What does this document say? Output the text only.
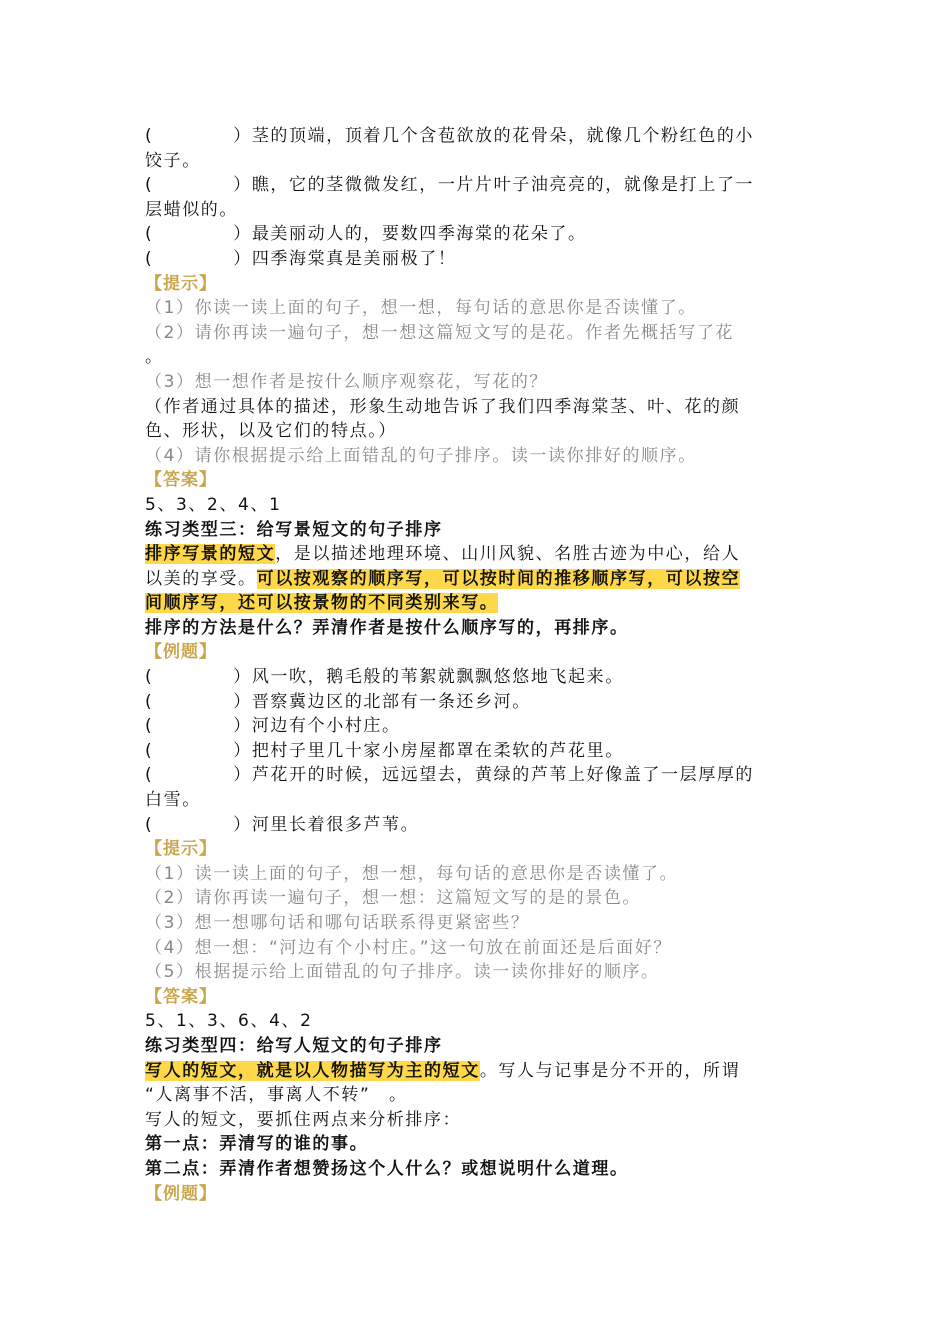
(	）茎的顶端，顶着几个含苞欲放的花骨朵，就像几个粉红色的小
饺子。
(	）瞧，它的茎微微发红，一片片叶子油亮亮的，就像是打上了一
层蜡似的。
(	）最美丽动人的，要数四季海棠的花朵了。
(	）四季海棠真是美丽极了！
【提示】
（1）你读一读上面的句子，想一想，每句话的意思你是否读懂了。
（2）请你再读一遍句子，想一想这篇短文写的是花。作者先概括写了花
。
（3）想一想作者是按什么顺序观察花，写花的？
（作者通过具体的描述，形象生动地告诉了我们四季海棠茎、叶、花的颜
色、形状，以及它们的特点。）
（4）请你根据提示给上面错乱的句子排序。读一读你排好的顺序。
【答案】
5、3、2、4、1
练习类型三：给写景短文的句子排序
排序写景的短文，是以描述地理环境、山川风貌、名胜古迹为中心，给人
以美的享受。可以按观察的顺序写，可以按时间的推移顺序写，可以按空
间顺序写，还可以按景物的不同类别来写。
排序的方法是什么？弄清作者是按什么顺序写的，再排序。
【例题】
(	）风一吹，鹅毛般的苇絮就飘飘悠悠地飞起来。
(	）晋察冀边区的北部有一条还乡河。
(	）河边有个小村庄。
(	）把村子里几十家小房屋都罩在柔软的芦花里。
(	）芦花开的时候，远远望去，黄绿的芦苇上好像盖了一层厚厚的
白雪。
(	）河里长着很多芦苇。
【提示】
（1）读一读上面的句子，想一想，每句话的意思你是否读懂了。
（2）请你再读一遍句子，想一想：这篇短文写的是的景色。
（3）想一想哪句话和哪句话联系得更紧密些？
（4）想一想：“河边有个小村庄。”这一句放在前面还是后面好？
（5）根据提示给上面错乱的句子排序。读一读你排好的顺序。
【答案】
5、1、3、6、4、2
练习类型四：给写人短文的句子排序
写人的短文，就是以人物描写为主的短文。写人与记事是分不开的，所谓
“人离事不活，事离人不转”　。
写人的短文，要抓住两点来分析排序：
第一点：弄清写的谁的事。
第二点：弄清作者想赞扬这个人什么？或想说明什么道理。
【例题】
